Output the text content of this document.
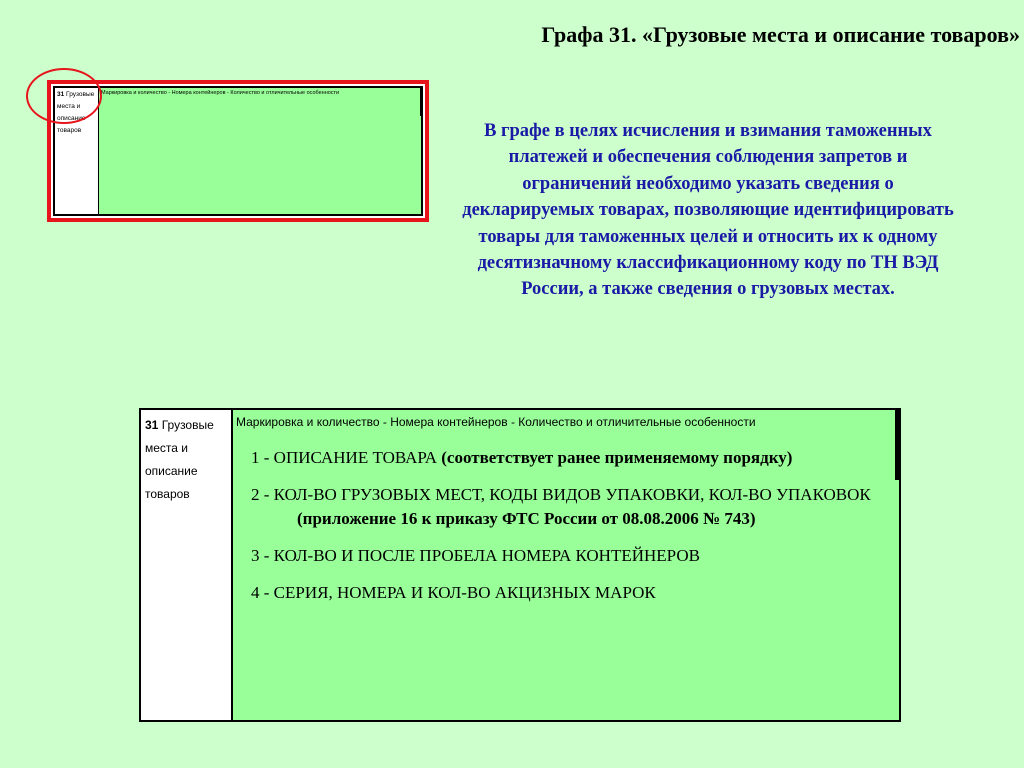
Графа 31. «Грузовые места и описание товаров»
31 Грузовые места и описание товаров
Маркировка и количество - Номера контейнеров - Количество и отличительные особенности
В графе в целях исчисления и взимания таможенных платежей и обеспечения соблюдения запретов и ограничений необходимо указать сведения о декларируемых товарах, позволяющие идентифицировать товары для таможенных целей и относить их к одному десятизначному классификационному коду по ТН ВЭД России, а также сведения о грузовых местах.
31 Грузовые места и описание товаров
Маркировка и количество - Номера контейнеров - Количество и отличительные особенности
1 - ОПИСАНИЕ ТОВАРА (соответствует ранее применяемому порядку)
2 - КОЛ-ВО ГРУЗОВЫХ МЕСТ, КОДЫ ВИДОВ УПАКОВКИ, КОЛ-ВО УПАКОВОК (приложение 16 к приказу ФТС России от 08.08.2006 № 743)
3 - КОЛ-ВО И ПОСЛЕ ПРОБЕЛА НОМЕРА КОНТЕЙНЕРОВ
4 - СЕРИЯ, НОМЕРА И КОЛ-ВО АКЦИЗНЫХ МАРОК
